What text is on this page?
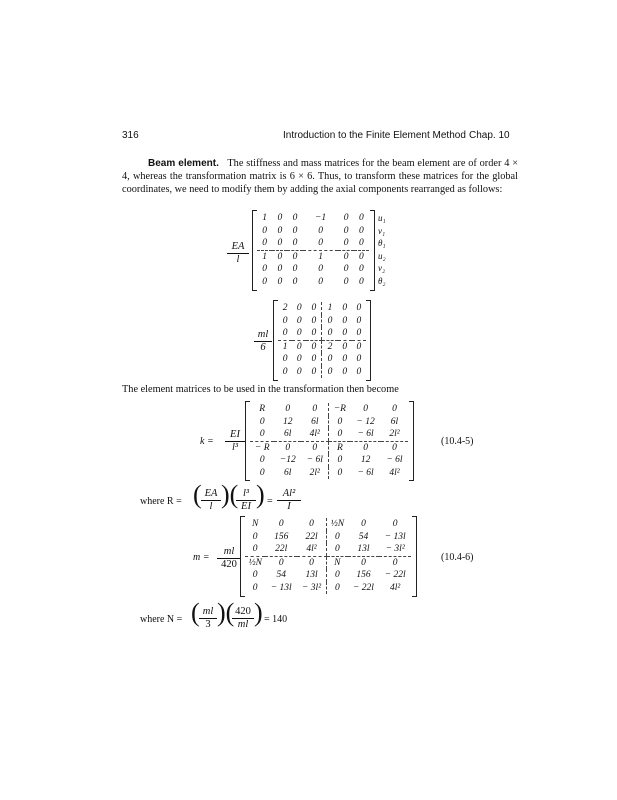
316	Introduction to the Finite Element Method Chap. 10
Beam element. The stiffness and mass matrices for the beam element are of order 4 × 4, whereas the transformation matrix is 6 × 6. Thus, to transform these matrices for the global coordinates, we need to modify them by adding the axial components rearranged as follows:
$\frac{EA}{l}$
1	0	0	−1	0	0
0	0	0	0	0	0
0	0	0	0	0	0
1	0	0	1	0	0
0	0	0	0	0	0
0	0	0	0	0	0
u₁
v₁
θ₁
u₂
v₂
θ₂
$\frac{ml}{6}$
2	0	0	1	0	0
0	0	0	0	0	0
0	0	0	0	0	0
1	0	0	2	0	0
0	0	0	0	0	0
0	0	0	0	0	0
The element matrices to be used in the transformation then become
$k = \frac{EI}{\text{l³}}$
R	0	0	−R	0	0
0	12	6l	0	− 12	6l
0	6l	4l²	0	− 6l	2l²
− R	0	0	R	0	0
0	−12	− 6l	0	12	− 6l
0	6l	2l²	0	− 6l	4l²
(10.4-5)
where R = ( $\frac{EA}{l}$ )(
$\frac{\text{l³}}{EI}$ ) = $\frac{\text{Al²}}{I}$
$m = \frac{ml}{420}$
N	0	0	½N	0	0
0	156	22l	0	54	− 13l
0	22l	4l²	0	13l	− 3l²
½N	0	0	N	0	0
0	54	13l	0	156	− 22l
0	− 13l	− 3l²	0	− 22l	4l²
(10.4-6)
where N = ( $\frac{ml}{3}$ )(
$\frac{420}{ml}$ ) = 140
